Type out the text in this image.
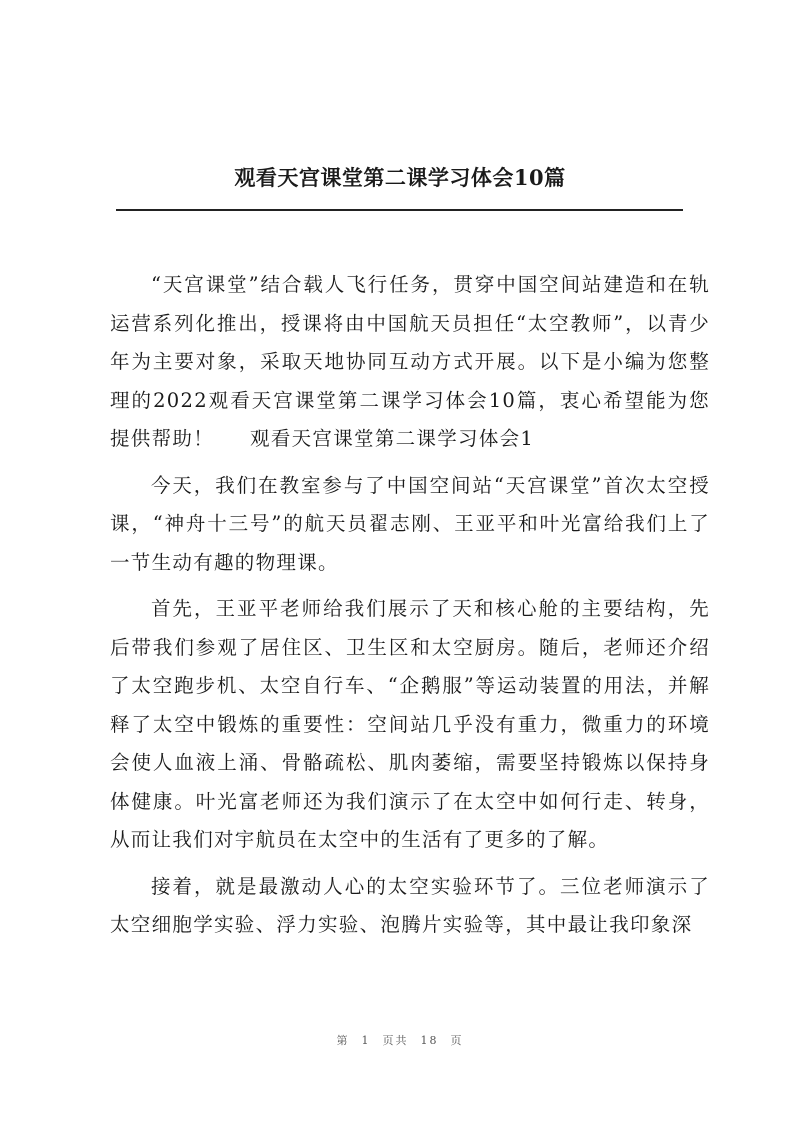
观看天宫课堂第二课学习体会10篇

“天宫课堂”结合载人飞行任务，贯穿中国空间站建造和在轨运营系列化推出，授课将由中国航天员担任“太空教师”，以青少年为主要对象，采取天地协同互动方式开展。以下是小编为您整理的2022观看天宫课堂第二课学习体会10篇，衷心希望能为您提供帮助！ 观看天宫课堂第二课学习体会1

今天，我们在教室参与了中国空间站“天宫课堂”首次太空授课，“神舟十三号”的航天员翟志刚、王亚平和叶光富给我们上了一节生动有趣的物理课。

首先，王亚平老师给我们展示了天和核心舱的主要结构，先后带我们参观了居住区、卫生区和太空厨房。随后，老师还介绍了太空跑步机、太空自行车、“企鹅服”等运动装置的用法，并解释了太空中锻炼的重要性：空间站几乎没有重力，微重力的环境会使人血液上涌、骨骼疏松、肌肉萎缩，需要坚持锻炼以保持身体健康。叶光富老师还为我们演示了在太空中如何行走、转身，从而让我们对宇航员在太空中的生活有了更多的了解。

接着，就是最激动人心的太空实验环节了。三位老师演示了太空细胞学实验、浮力实验、泡腾片实验等，其中最让我印象深

第 1 页共 18 页
